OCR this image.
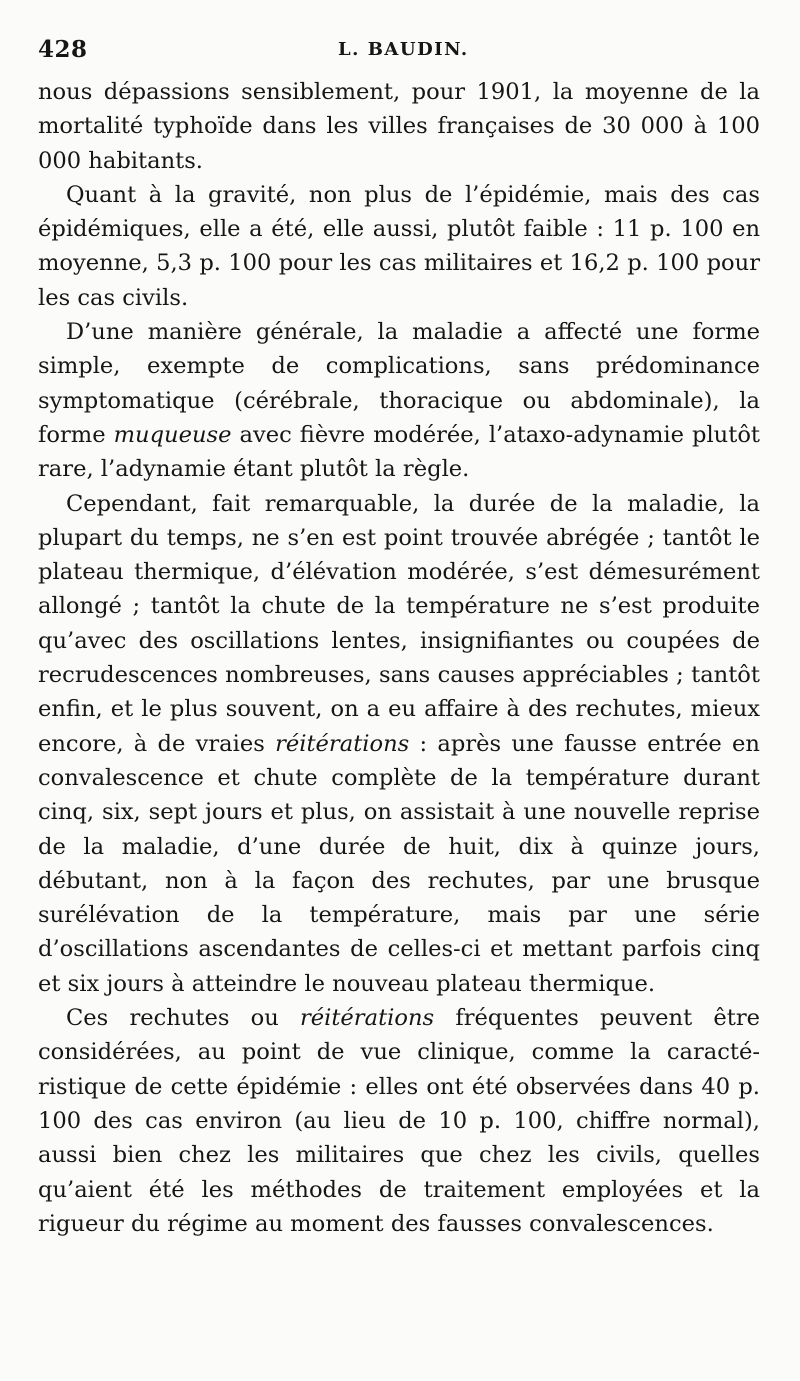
428	L. BAUDIN.

nous dépassions sensiblement, pour 1901, la moyenne de la mortalité typhoïde dans les villes françaises de 30 000 à 100 000 habitants.

Quant à la gravité, non plus de l’épidémie, mais des cas épidémiques, elle a été, elle aussi, plutôt faible : 11 p. 100 en moyenne, 5,3 p. 100 pour les cas militaires et 16,2 p. 100 pour les cas civils.

D’une manière générale, la maladie a affecté une forme simple, exempte de complications, sans prédominance symptomatique (cérébrale, thoracique ou abdominale), la forme muqueuse avec fièvre modérée, l’ataxo-adynamie plutôt rare, l’adynamie étant plutôt la règle.

Cependant, fait remarquable, la durée de la maladie, la plupart du temps, ne s’en est point trouvée abrégée ; tantôt le plateau thermique, d’élévation modérée, s’est démesurément allongé ; tantôt la chute de la température ne s’est produite qu’avec des oscillations lentes, insignifiantes ou coupées de recrudescences nombreuses, sans causes appréciables ; tantôt enfin, et le plus souvent, on a eu affaire à des rechutes, mieux encore, à de vraies réitérations : après une fausse entrée en convalescence et chute complète de la température durant cinq, six, sept jours et plus, on assistait à une nouvelle reprise de la maladie, d’une durée de huit, dix à quinze jours, débutant, non à la façon des rechutes, par une brusque surélévation de la température, mais par une série d’oscillations ascendantes de celles-ci et mettant parfois cinq et six jours à atteindre le nouveau plateau thermique.

Ces rechutes ou réitérations fréquentes peuvent être considérées, au point de vue clinique, comme la caractéristique de cette épidémie : elles ont été observées dans 40 p. 100 des cas environ (au lieu de 10 p. 100, chiffre normal), aussi bien chez les militaires que chez les civils, quelles qu’aient été les méthodes de traitement employées et la rigueur du régime au moment des fausses convalescences.
